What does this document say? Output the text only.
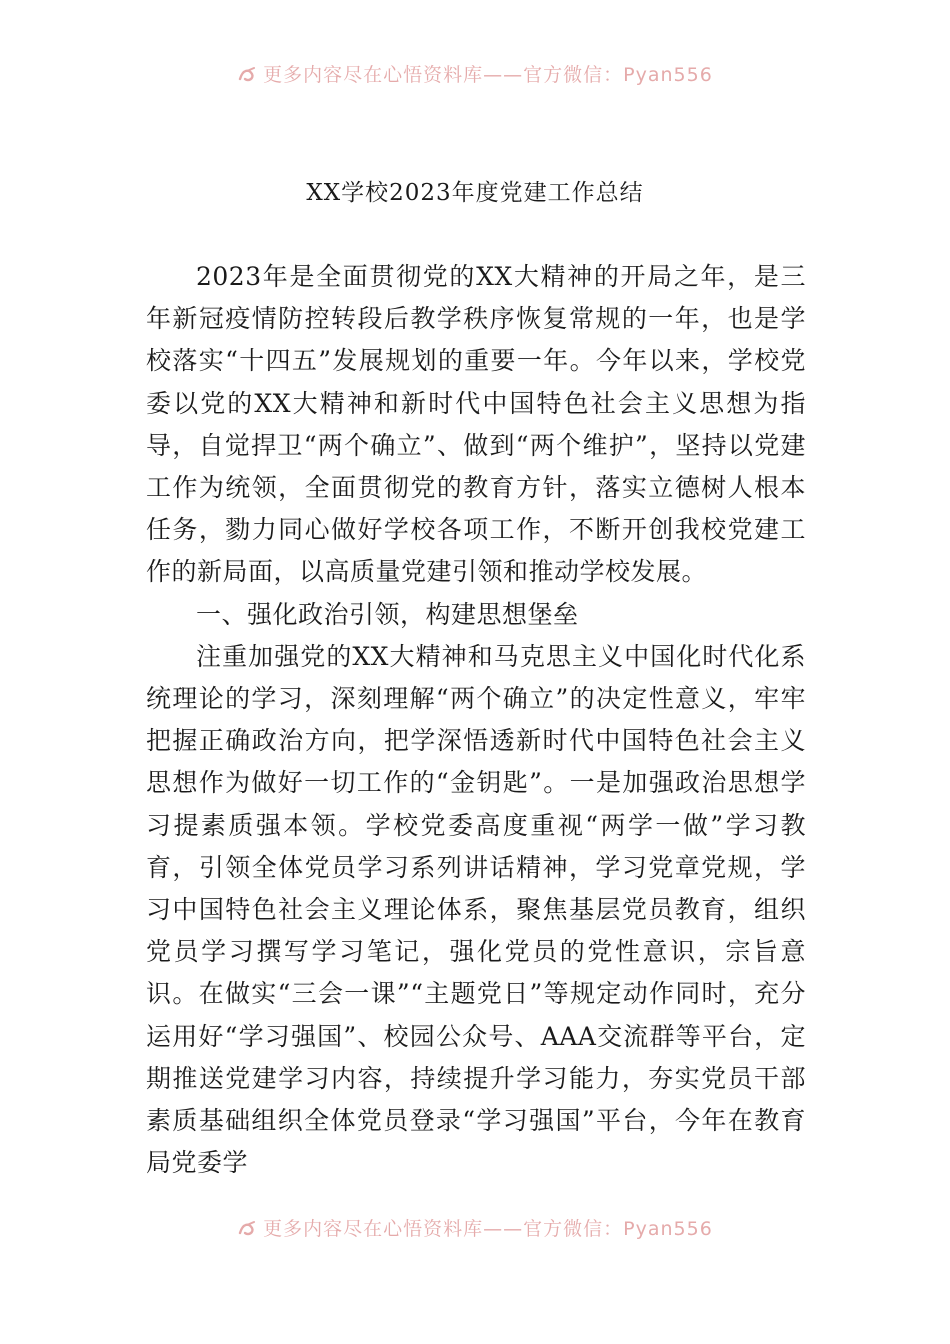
更多内容尽在心悟资料库——官方微信：Pyan556
XX学校2023年度党建工作总结

2023年是全面贯彻党的XX大精神的开局之年，是三年新冠疫情防控转段后教学秩序恢复常规的一年，也是学校落实“十四五”发展规划的重要一年。今年以来，学校党委以党的XX大精神和新时代中国特色社会主义思想为指导，自觉捍卫“两个确立”、做到“两个维护”，坚持以党建工作为统领，全面贯彻党的教育方针，落实立德树人根本任务，勠力同心做好学校各项工作，不断开创我校党建工作的新局面，以高质量党建引领和推动学校发展。

一、强化政治引领，构建思想堡垒

注重加强党的XX大精神和马克思主义中国化时代化系统理论的学习，深刻理解“两个确立”的决定性意义，牢牢把握正确政治方向，把学深悟透新时代中国特色社会主义思想作为做好一切工作的“金钥匙”。一是加强政治思想学习提素质强本领。学校党委高度重视“两学一做”学习教育，引领全体党员学习系列讲话精神，学习党章党规，学习中国特色社会主义理论体系，聚焦基层党员教育，组织党员学习撰写学习笔记，强化党员的党性意识，宗旨意识。在做实“三会一课”“主题党日”等规定动作同时，充分运用好“学习强国”、校园公众号、AAA交流群等平台，定期推送党建学习内容，持续提升学习能力，夯实党员干部素质基础组织全体党员登录“学习强国”平台，今年在教育局党委学

更多内容尽在心悟资料库——官方微信：Pyan556
